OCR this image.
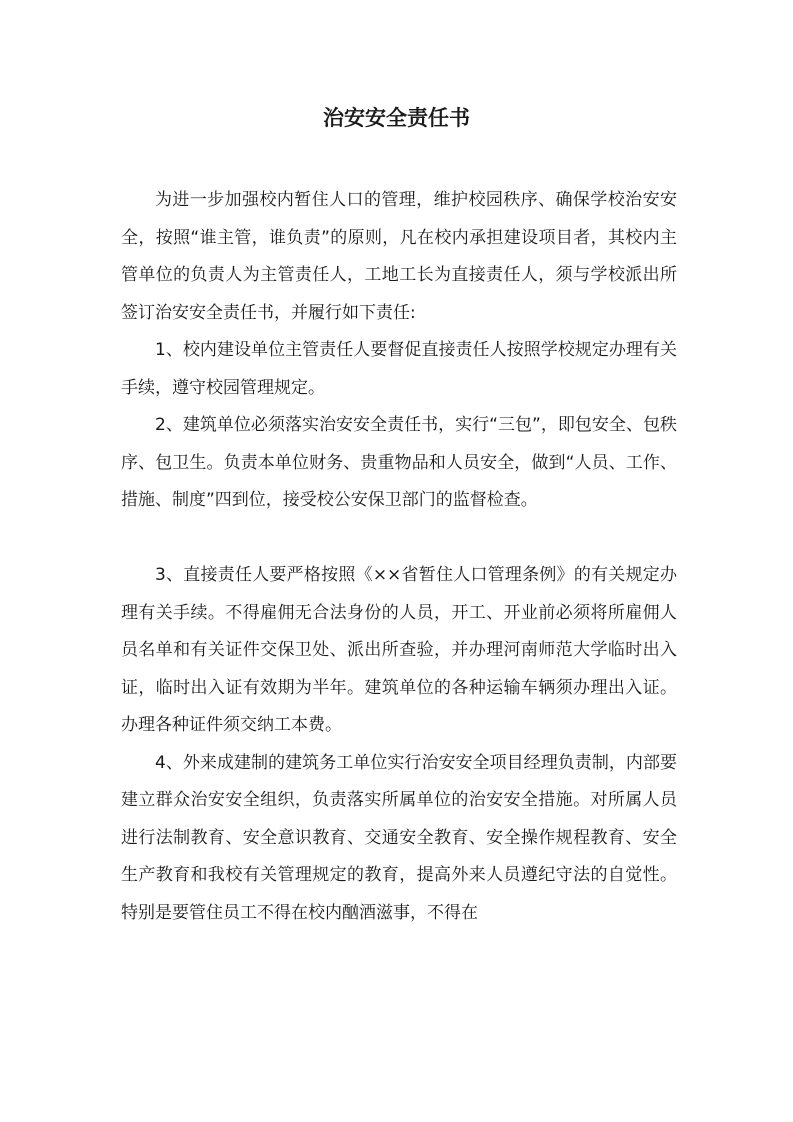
治安安全责任书

为进一步加强校内暂住人口的管理，维护校园秩序、确保学校治安安全，按照“谁主管，谁负责”的原则，凡在校内承担建设项目者，其校内主管单位的负责人为主管责任人，工地工长为直接责任人，须与学校派出所签订治安安全责任书，并履行如下责任:

1、校内建设单位主管责任人要督促直接责任人按照学校规定办理有关手续，遵守校园管理规定。

2、建筑单位必须落实治安安全责任书，实行“三包”，即包安全、包秩序、包卫生。负责本单位财务、贵重物品和人员安全，做到“人员、工作、措施、制度”四到位，接受校公安保卫部门的监督检查。

3、直接责任人要严格按照《××省暂住人口管理条例》的有关规定办理有关手续。不得雇佣无合法身份的人员，开工、开业前必须将所雇佣人员名单和有关证件交保卫处、派出所查验，并办理河南师范大学临时出入证，临时出入证有效期为半年。建筑单位的各种运输车辆须办理出入证。办理各种证件须交纳工本费。

4、外来成建制的建筑务工单位实行治安安全项目经理负责制，内部要建立群众治安安全组织，负责落实所属单位的治安安全措施。对所属人员进行法制教育、安全意识教育、交通安全教育、安全操作规程教育、安全生产教育和我校有关管理规定的教育，提高外来人员遵纪守法的自觉性。特别是要管住员工不得在校内酗酒滋事，不得在
